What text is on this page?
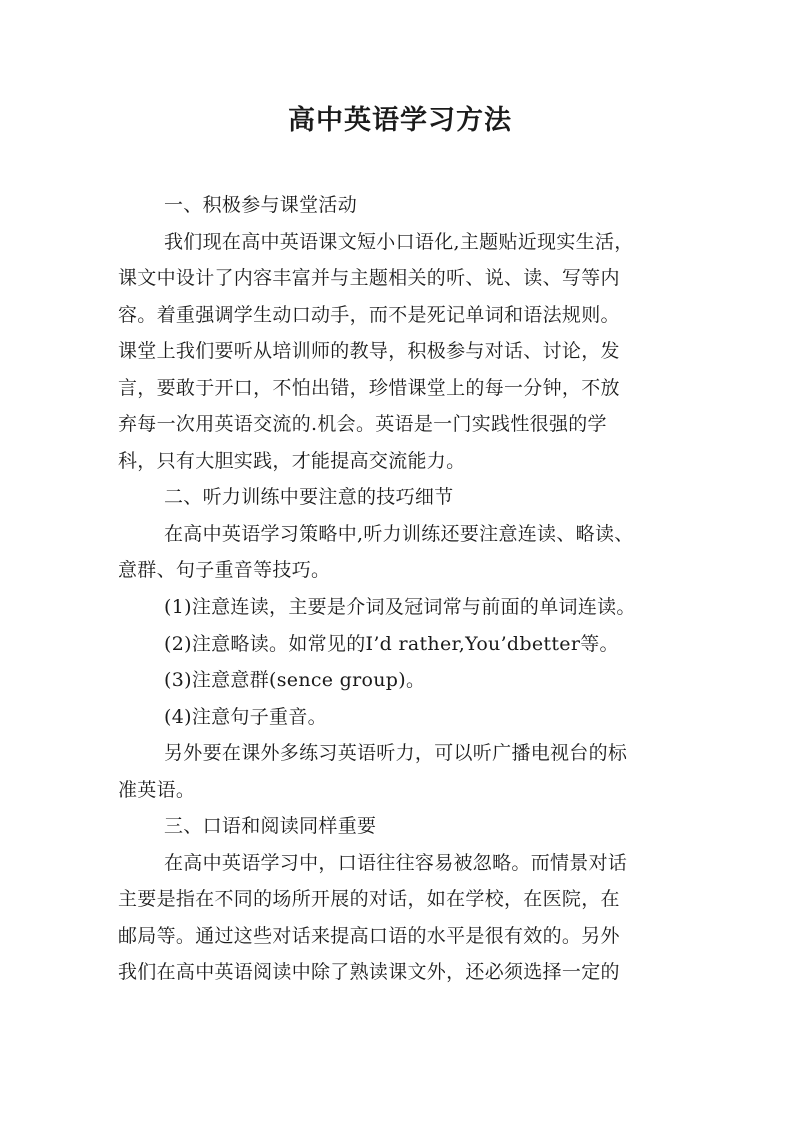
高中英语学习方法

一、积极参与课堂活动

我们现在高中英语课文短小口语化,主题贴近现实生活，

课文中设计了内容丰富并与主题相关的听、说、读、写等内

容。着重强调学生动口动手，而不是死记单词和语法规则。

课堂上我们要听从培训师的教导，积极参与对话、讨论，发

言，要敢于开口，不怕出错，珍惜课堂上的每一分钟，不放

弃每一次用英语交流的.机会。英语是一门实践性很强的学

科，只有大胆实践，才能提高交流能力。

二、听力训练中要注意的技巧细节

在高中英语学习策略中,听力训练还要注意连读、略读、

意群、句子重音等技巧。

(1)注意连读，主要是介词及冠词常与前面的单词连读。

(2)注意略读。如常见的I’d rather,You’dbetter等。

(3)注意意群(sence group)。

(4)注意句子重音。

另外要在课外多练习英语听力，可以听广播电视台的标

准英语。

三、口语和阅读同样重要

在高中英语学习中，口语往往容易被忽略。而情景对话

主要是指在不同的场所开展的对话，如在学校，在医院，在

邮局等。通过这些对话来提高口语的水平是很有效的。另外

我们在高中英语阅读中除了熟读课文外，还必须选择一定的
